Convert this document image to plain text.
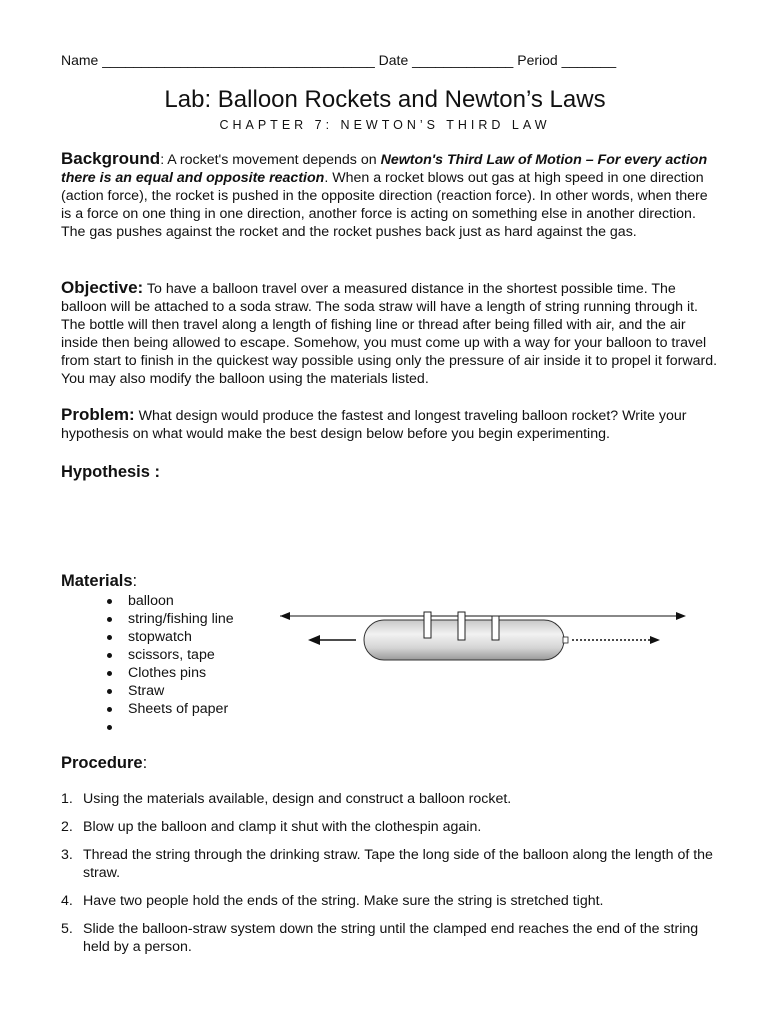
Name ___________________________________ Date _____________ Period _______
Lab: Balloon Rockets and Newton’s Laws
CHAPTER 7: NEWTON’S THIRD LAW
Background: A rocket's movement depends on Newton's Third Law of Motion – For every action there is an equal and opposite reaction. When a rocket blows out gas at high speed in one direction (action force), the rocket is pushed in the opposite direction (reaction force). In other words, when there is a force on one thing in one direction, another force is acting on something else in another direction. The gas pushes against the rocket and the rocket pushes back just as hard against the gas.
Objective: To have a balloon travel over a measured distance in the shortest possible time. The balloon will be attached to a soda straw. The soda straw will have a length of string running through it. The bottle will then travel along a length of fishing line or thread after being filled with air, and the air inside then being allowed to escape. Somehow, you must come up with a way for your balloon to travel from start to finish in the quickest way possible using only the pressure of air inside it to propel it forward. You may also modify the balloon using the materials listed.
Problem: What design would produce the fastest and longest traveling balloon rocket? Write your hypothesis on what would make the best design below before you begin experimenting.
Hypothesis :
Materials:
balloon
string/fishing line
stopwatch
scissors, tape
Clothes pins
Straw
Sheets of paper
Procedure:
1. Using the materials available, design and construct a balloon rocket.
2. Blow up the balloon and clamp it shut with the clothespin again.
3. Thread the string through the drinking straw. Tape the long side of the balloon along the length of the straw.
4. Have two people hold the ends of the string. Make sure the string is stretched tight.
5. Slide the balloon-straw system down the string until the clamped end reaches the end of the string held by a person.
